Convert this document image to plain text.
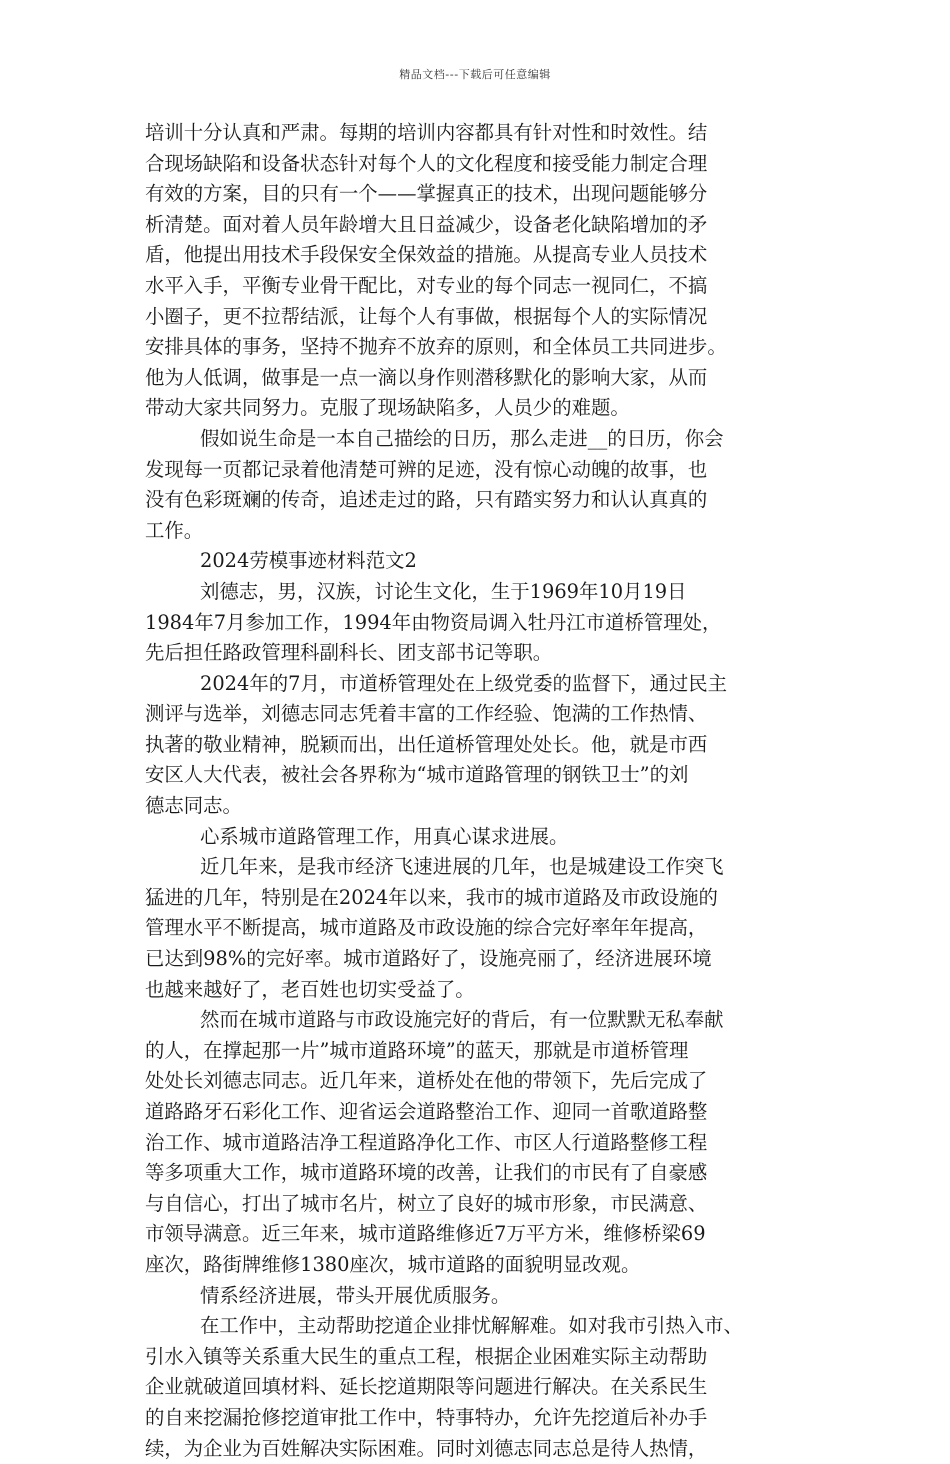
精品文档---下载后可任意编辑
培训十分认真和严肃。每期的培训内容都具有针对性和时效性。结
合现场缺陷和设备状态针对每个人的文化程度和接受能力制定合理
有效的方案，目的只有一个——掌握真正的技术，出现问题能够分
析清楚。面对着人员年龄增大且日益减少，设备老化缺陷增加的矛
盾，他提出用技术手段保安全保效益的措施。从提高专业人员技术
水平入手，平衡专业骨干配比，对专业的每个同志一视同仁，不搞
小圈子，更不拉帮结派，让每个人有事做，根据每个人的实际情况
安排具体的事务，坚持不抛弃不放弃的原则，和全体员工共同进步。
他为人低调，做事是一点一滴以身作则潜移默化的影响大家，从而
带动大家共同努力。克服了现场缺陷多，人员少的难题。
假如说生命是一本自己描绘的日历，那么走进__的日历，你会
发现每一页都记录着他清楚可辨的足迹，没有惊心动魄的故事，也
没有色彩斑斓的传奇，追述走过的路，只有踏实努力和认认真真的
工作。
2024劳模事迹材料范文2
刘德志，男，汉族，讨论生文化，生于1969年10月19日
1984年7月参加工作，1994年由物资局调入牡丹江市道桥管理处，
先后担任路政管理科副科长、团支部书记等职。
2024年的7月，市道桥管理处在上级党委的监督下，通过民主
测评与选举，刘德志同志凭着丰富的工作经验、饱满的工作热情、
执著的敬业精神，脱颖而出，出任道桥管理处处长。他，就是市西
安区人大代表，被社会各界称为“城市道路管理的钢铁卫士”的刘
德志同志。
心系城市道路管理工作，用真心谋求进展。
近几年来，是我市经济飞速进展的几年，也是城建设工作突飞
猛进的几年，特别是在2024年以来，我市的城市道路及市政设施的
管理水平不断提高，城市道路及市政设施的综合完好率年年提高，
已达到98%的完好率。城市道路好了，设施亮丽了，经济进展环境
也越来越好了，老百姓也切实受益了。
然而在城市道路与市政设施完好的背后，有一位默默无私奉献
的人，在撑起那一片”城市道路环境”的蓝天，那就是市道桥管理
处处长刘德志同志。近几年来，道桥处在他的带领下，先后完成了
道路路牙石彩化工作、迎省运会道路整治工作、迎同一首歌道路整
治工作、城市道路洁净工程道路净化工作、市区人行道路整修工程
等多项重大工作，城市道路环境的改善，让我们的市民有了自豪感
与自信心，打出了城市名片，树立了良好的城市形象，市民满意、
市领导满意。近三年来，城市道路维修近7万平方米，维修桥梁69
座次，路街牌维修1380座次，城市道路的面貌明显改观。
情系经济进展，带头开展优质服务。
在工作中，主动帮助挖道企业排忧解解难。如对我市引热入市、
引水入镇等关系重大民生的重点工程，根据企业困难实际主动帮助
企业就破道回填材料、延长挖道期限等问题进行解决。在关系民生
的自来挖漏抢修挖道审批工作中，特事特办，允许先挖道后补办手
续，为企业为百姓解决实际困难。同时刘德志同志总是待人热情，
